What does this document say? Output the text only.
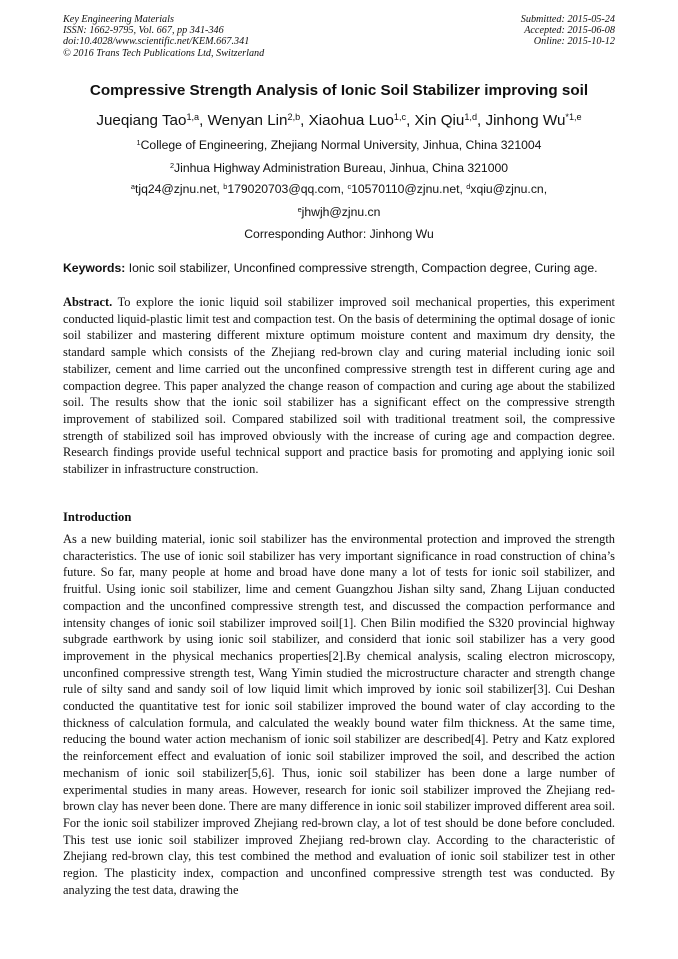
Key Engineering Materials
ISSN: 1662-9795, Vol. 667, pp 341-346
doi:10.4028/www.scientific.net/KEM.667.341
© 2016 Trans Tech Publications Ltd, Switzerland
Submitted: 2015-05-24
Accepted: 2015-06-08
Online: 2015-10-12
Compressive Strength Analysis of Ionic Soil Stabilizer improving soil
Jueqiang Tao$^{1,a}$, Wenyan Lin$^{2,b}$, Xiaohua Luo$^{1,c}$, Xin Qiu$^{1,d}$, Jinhong Wu$^{*1,e}$
$^1$College of Engineering, Zhejiang Normal University, Jinhua, China 321004
$^2$Jinhua Highway Administration Bureau, Jinhua, China 321000
$^a$tjq24@zjnu.net, $^b$179020703@qq.com, $^c$10570110@zjnu.net, $^d$xqiu@zjnu.cn,
$^e$jhwjh@zjnu.cn
Corresponding Author: Jinhong Wu
Keywords: Ionic soil stabilizer, Unconfined compressive strength, Compaction degree, Curing age.
Abstract. To explore the ionic liquid soil stabilizer improved soil mechanical properties, this experiment conducted liquid-plastic limit test and compaction test. On the basis of determining the optimal dosage of ionic soil stabilizer and mastering different mixture optimum moisture content and maximum dry density, the standard sample which consists of the Zhejiang red-brown clay and curing material including ionic soil stabilizer, cement and lime carried out the unconfined compressive strength test in different curing age and compaction degree. This paper analyzed the change reason of compaction and curing age about the stabilized soil. The results show that the ionic soil stabilizer has a significant effect on the compressive strength improvement of stabilized soil. Compared stabilized soil with traditional treatment soil, the compressive strength of stabilized soil has improved obviously with the increase of curing age and compaction degree. Research findings provide useful technical support and practice basis for promoting and applying ionic soil stabilizer in infrastructure construction.
Introduction
As a new building material, ionic soil stabilizer has the environmental protection and improved the strength characteristics. The use of ionic soil stabilizer has very important significance in road construction of china’s future. So far, many people at home and broad have done many a lot of tests for ionic soil stabilizer, and fruitful. Using ionic soil stabilizer, lime and cement Guangzhou Jishan silty sand, Zhang Lijuan conducted compaction and the unconfined compressive strength test, and discussed the compaction performance and intensity changes of ionic soil stabilizer improved soil[1]. Chen Bilin modified the S320 provincial highway subgrade earthwork by using ionic soil stabilizer, and considerd that ionic soil stabilizer has a very good improvement in the physical mechanics properties[2].By chemical analysis, scaling electron microscopy, unconfined compressive strength test, Wang Yimin studied the microstructure character and strength change rule of silty sand and sandy soil of low liquid limit which improved by ionic soil stabilizer[3]. Cui Deshan conducted the quantitative test for ionic soil stabilizer improved the bound water of clay according to the thickness of calculation formula, and calculated the weakly bound water film thickness. At the same time, reducing the bound water action mechanism of ionic soil stabilizer are described[4]. Petry and Katz explored the reinforcement effect and evaluation of ionic soil stabilizer improved the soil, and described the action mechanism of ionic soil stabilizer[5,6]. Thus, ionic soil stabilizer has been done a large number of experimental studies in many areas. However, research for ionic soil stabilizer improved the Zhejiang red-brown clay has never been done. There are many difference in ionic soil stabilizer improved different area soil. For the ionic soil stabilizer improved Zhejiang red-brown clay, a lot of test should be done before concluded. This test use ionic soil stabilizer improved Zhejiang red-brown clay. According to the characteristic of Zhejiang red-brown clay, this test combined the method and evaluation of ionic soil stabilizer test in other region. The plasticity index, compaction and unconfined compressive strength test was conducted. By analyzing the test data, drawing the
